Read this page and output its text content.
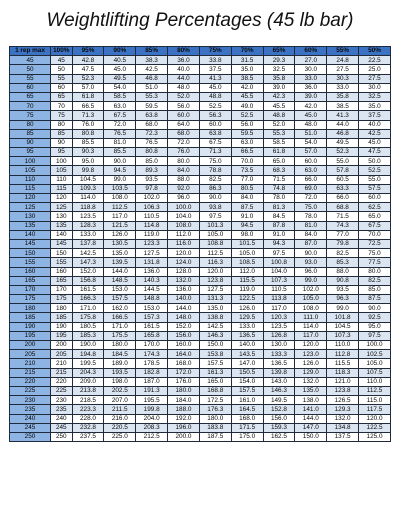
Weightlifting Percentages (45 lb bar)
1 rep max	100%	95%	90%	85%	80%	75%	70%	65%	60%	55%	50%
45	45	42.8	40.5	38.3	36.0	33.8	31.5	29.3	27.0	24.8	22.5
50	50	47.5	45.0	42.5	40.0	37.5	35.0	32.5	30.0	27.5	25.0
55	55	52.3	49.5	46.8	44.0	41.3	38.5	35.8	33.0	30.3	27.5
60	60	57.0	54.0	51.0	48.0	45.0	42.0	39.0	36.0	33.0	30.0
65	65	61.8	58.5	55.3	52.0	48.8	45.5	42.3	39.0	35.8	32.5
70	70	66.5	63.0	59.5	56.0	52.5	49.0	45.5	42.0	38.5	35.0
75	75	71.3	67.5	63.8	60.0	56.3	52.5	48.8	45.0	41.3	37.5
80	80	76.0	72.0	68.0	64.0	60.0	56.0	52.0	48.0	44.0	40.0
85	85	80.8	76.5	72.3	68.0	63.8	59.5	55.3	51.0	46.8	42.5
90	90	85.5	81.0	76.5	72.0	67.5	63.0	58.5	54.0	49.5	45.0
95	95	90.3	85.5	80.8	76.0	71.3	66.5	61.8	57.0	52.3	47.5
100	100	95.0	90.0	85.0	80.0	75.0	70.0	65.0	60.0	55.0	50.0
105	105	99.8	94.5	89.3	84.0	78.8	73.5	68.3	63.0	57.8	52.5
110	110	104.5	99.0	93.5	88.0	82.5	77.0	71.5	66.0	60.5	55.0
115	115	109.3	103.5	97.8	92.0	86.3	80.5	74.8	69.0	63.3	57.5
120	120	114.0	108.0	102.0	96.0	90.0	84.0	78.0	72.0	66.0	60.0
125	125	118.8	112.5	106.3	100.0	93.8	87.5	81.3	75.0	68.8	62.5
130	130	123.5	117.0	110.5	104.0	97.5	91.0	84.5	78.0	71.5	65.0
135	135	128.3	121.5	114.8	108.0	101.3	94.5	87.8	81.0	74.3	67.5
140	140	133.0	126.0	119.0	112.0	105.0	98.0	91.0	84.0	77.0	70.0
145	145	137.8	130.5	123.3	116.0	108.8	101.5	94.3	87.0	79.8	72.5
150	150	142.5	135.0	127.5	120.0	112.5	105.0	97.5	90.0	82.5	75.0
155	155	147.3	139.5	131.8	124.0	116.3	108.5	100.8	93.0	85.3	77.5
160	160	152.0	144.0	136.0	128.0	120.0	112.0	104.0	96.0	88.0	80.0
165	165	156.8	148.5	140.3	132.0	123.8	115.5	107.3	99.0	90.8	82.5
170	170	161.5	153.0	144.5	136.0	127.5	119.0	110.5	102.0	93.5	85.0
175	175	166.3	157.5	148.8	140.0	131.3	122.5	113.8	105.0	96.3	87.5
180	180	171.0	162.0	153.0	144.0	135.0	126.0	117.0	108.0	99.0	90.0
185	185	175.8	166.5	157.3	148.0	138.8	129.5	120.3	111.0	101.8	92.5
190	190	180.5	171.0	161.5	152.0	142.5	133.0	123.5	114.0	104.5	95.0
195	195	185.3	175.5	165.8	156.0	146.3	136.5	126.8	117.0	107.3	97.5
200	200	190.0	180.0	170.0	160.0	150.0	140.0	130.0	120.0	110.0	100.0
205	205	194.8	184.5	174.3	164.0	153.8	143.5	133.3	123.0	112.8	102.5
210	210	199.5	189.0	178.5	168.0	157.5	147.0	136.5	126.0	115.5	105.0
215	215	204.3	193.5	182.8	172.0	161.3	150.5	139.8	129.0	118.3	107.5
220	220	209.0	198.0	187.0	176.0	165.0	154.0	143.0	132.0	121.0	110.0
225	225	213.8	202.5	191.3	180.0	168.8	157.5	146.3	135.0	123.8	112.5
230	230	218.5	207.0	195.5	184.0	172.5	161.0	149.5	138.0	126.5	115.0
235	235	223.3	211.5	199.8	188.0	176.3	164.5	152.8	141.0	129.3	117.5
240	240	228.0	216.0	204.0	192.0	180.0	168.0	156.0	144.0	132.0	120.0
245	245	232.8	220.5	208.3	196.0	183.8	171.5	159.3	147.0	134.8	122.5
250	250	237.5	225.0	212.5	200.0	187.5	175.0	162.5	150.0	137.5	125.0
